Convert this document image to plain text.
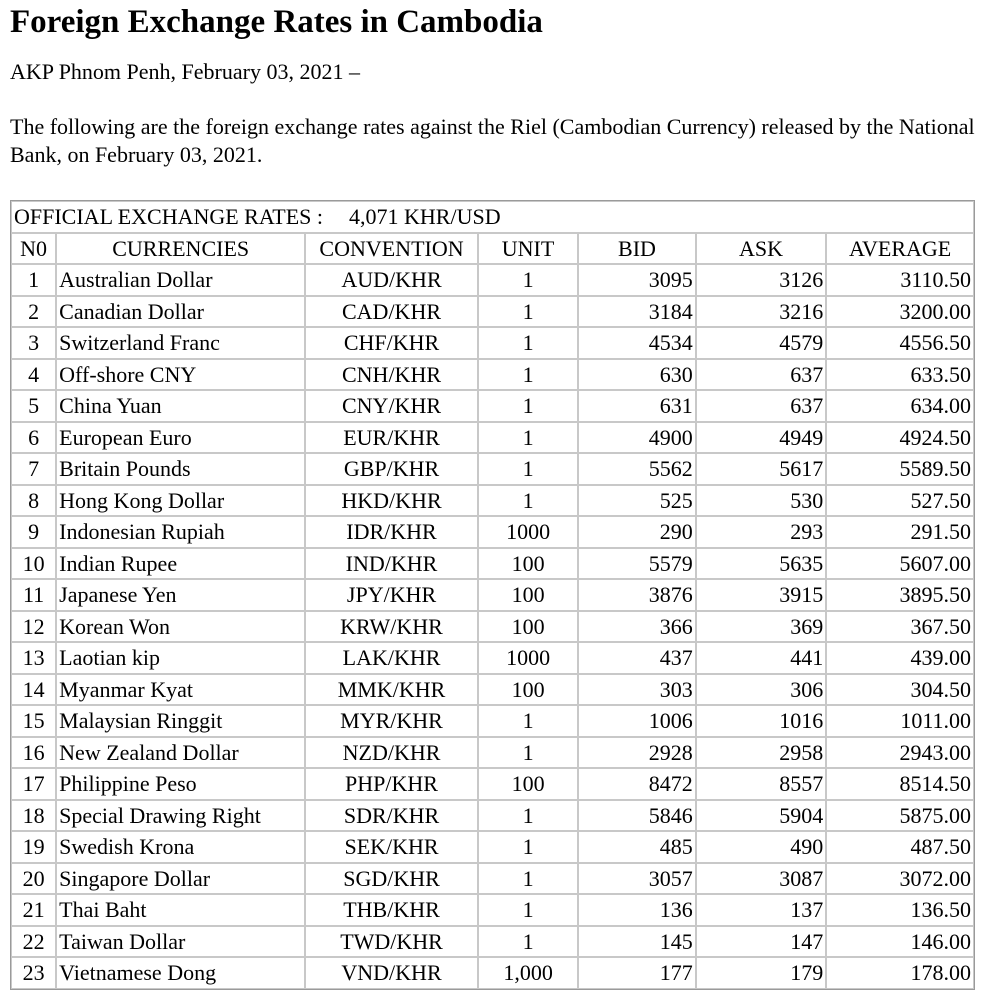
Foreign Exchange Rates in Cambodia
AKP Phnom Penh, February 03, 2021 –
The following are the foreign exchange rates against the Riel (Cambodian Currency) released by the National Bank, on February 03, 2021.
OFFICIAL EXCHANGE RATES : 4,071 KHR/USD						
N0	CURRENCIES	CONVENTION	UNIT	BID	ASK	AVERAGE
1	Australian Dollar	AUD/KHR	1	3095	3126	3110.50
2	Canadian Dollar	CAD/KHR	1	3184	3216	3200.00
3	Switzerland Franc	CHF/KHR	1	4534	4579	4556.50
4	Off-shore CNY	CNH/KHR	1	630	637	633.50
5	China Yuan	CNY/KHR	1	631	637	634.00
6	European Euro	EUR/KHR	1	4900	4949	4924.50
7	Britain Pounds	GBP/KHR	1	5562	5617	5589.50
8	Hong Kong Dollar	HKD/KHR	1	525	530	527.50
9	Indonesian Rupiah	IDR/KHR	1000	290	293	291.50
10	Indian Rupee	IND/KHR	100	5579	5635	5607.00
11	Japanese Yen	JPY/KHR	100	3876	3915	3895.50
12	Korean Won	KRW/KHR	100	366	369	367.50
13	Laotian kip	LAK/KHR	1000	437	441	439.00
14	Myanmar Kyat	MMK/KHR	100	303	306	304.50
15	Malaysian Ringgit	MYR/KHR	1	1006	1016	1011.00
16	New Zealand Dollar	NZD/KHR	1	2928	2958	2943.00
17	Philippine Peso	PHP/KHR	100	8472	8557	8514.50
18	Special Drawing Right	SDR/KHR	1	5846	5904	5875.00
19	Swedish Krona	SEK/KHR	1	485	490	487.50
20	Singapore Dollar	SGD/KHR	1	3057	3087	3072.00
21	Thai Baht	THB/KHR	1	136	137	136.50
22	Taiwan Dollar	TWD/KHR	1	145	147	146.00
23	Vietnamese Dong	VND/KHR	1,000	177	179	178.00
